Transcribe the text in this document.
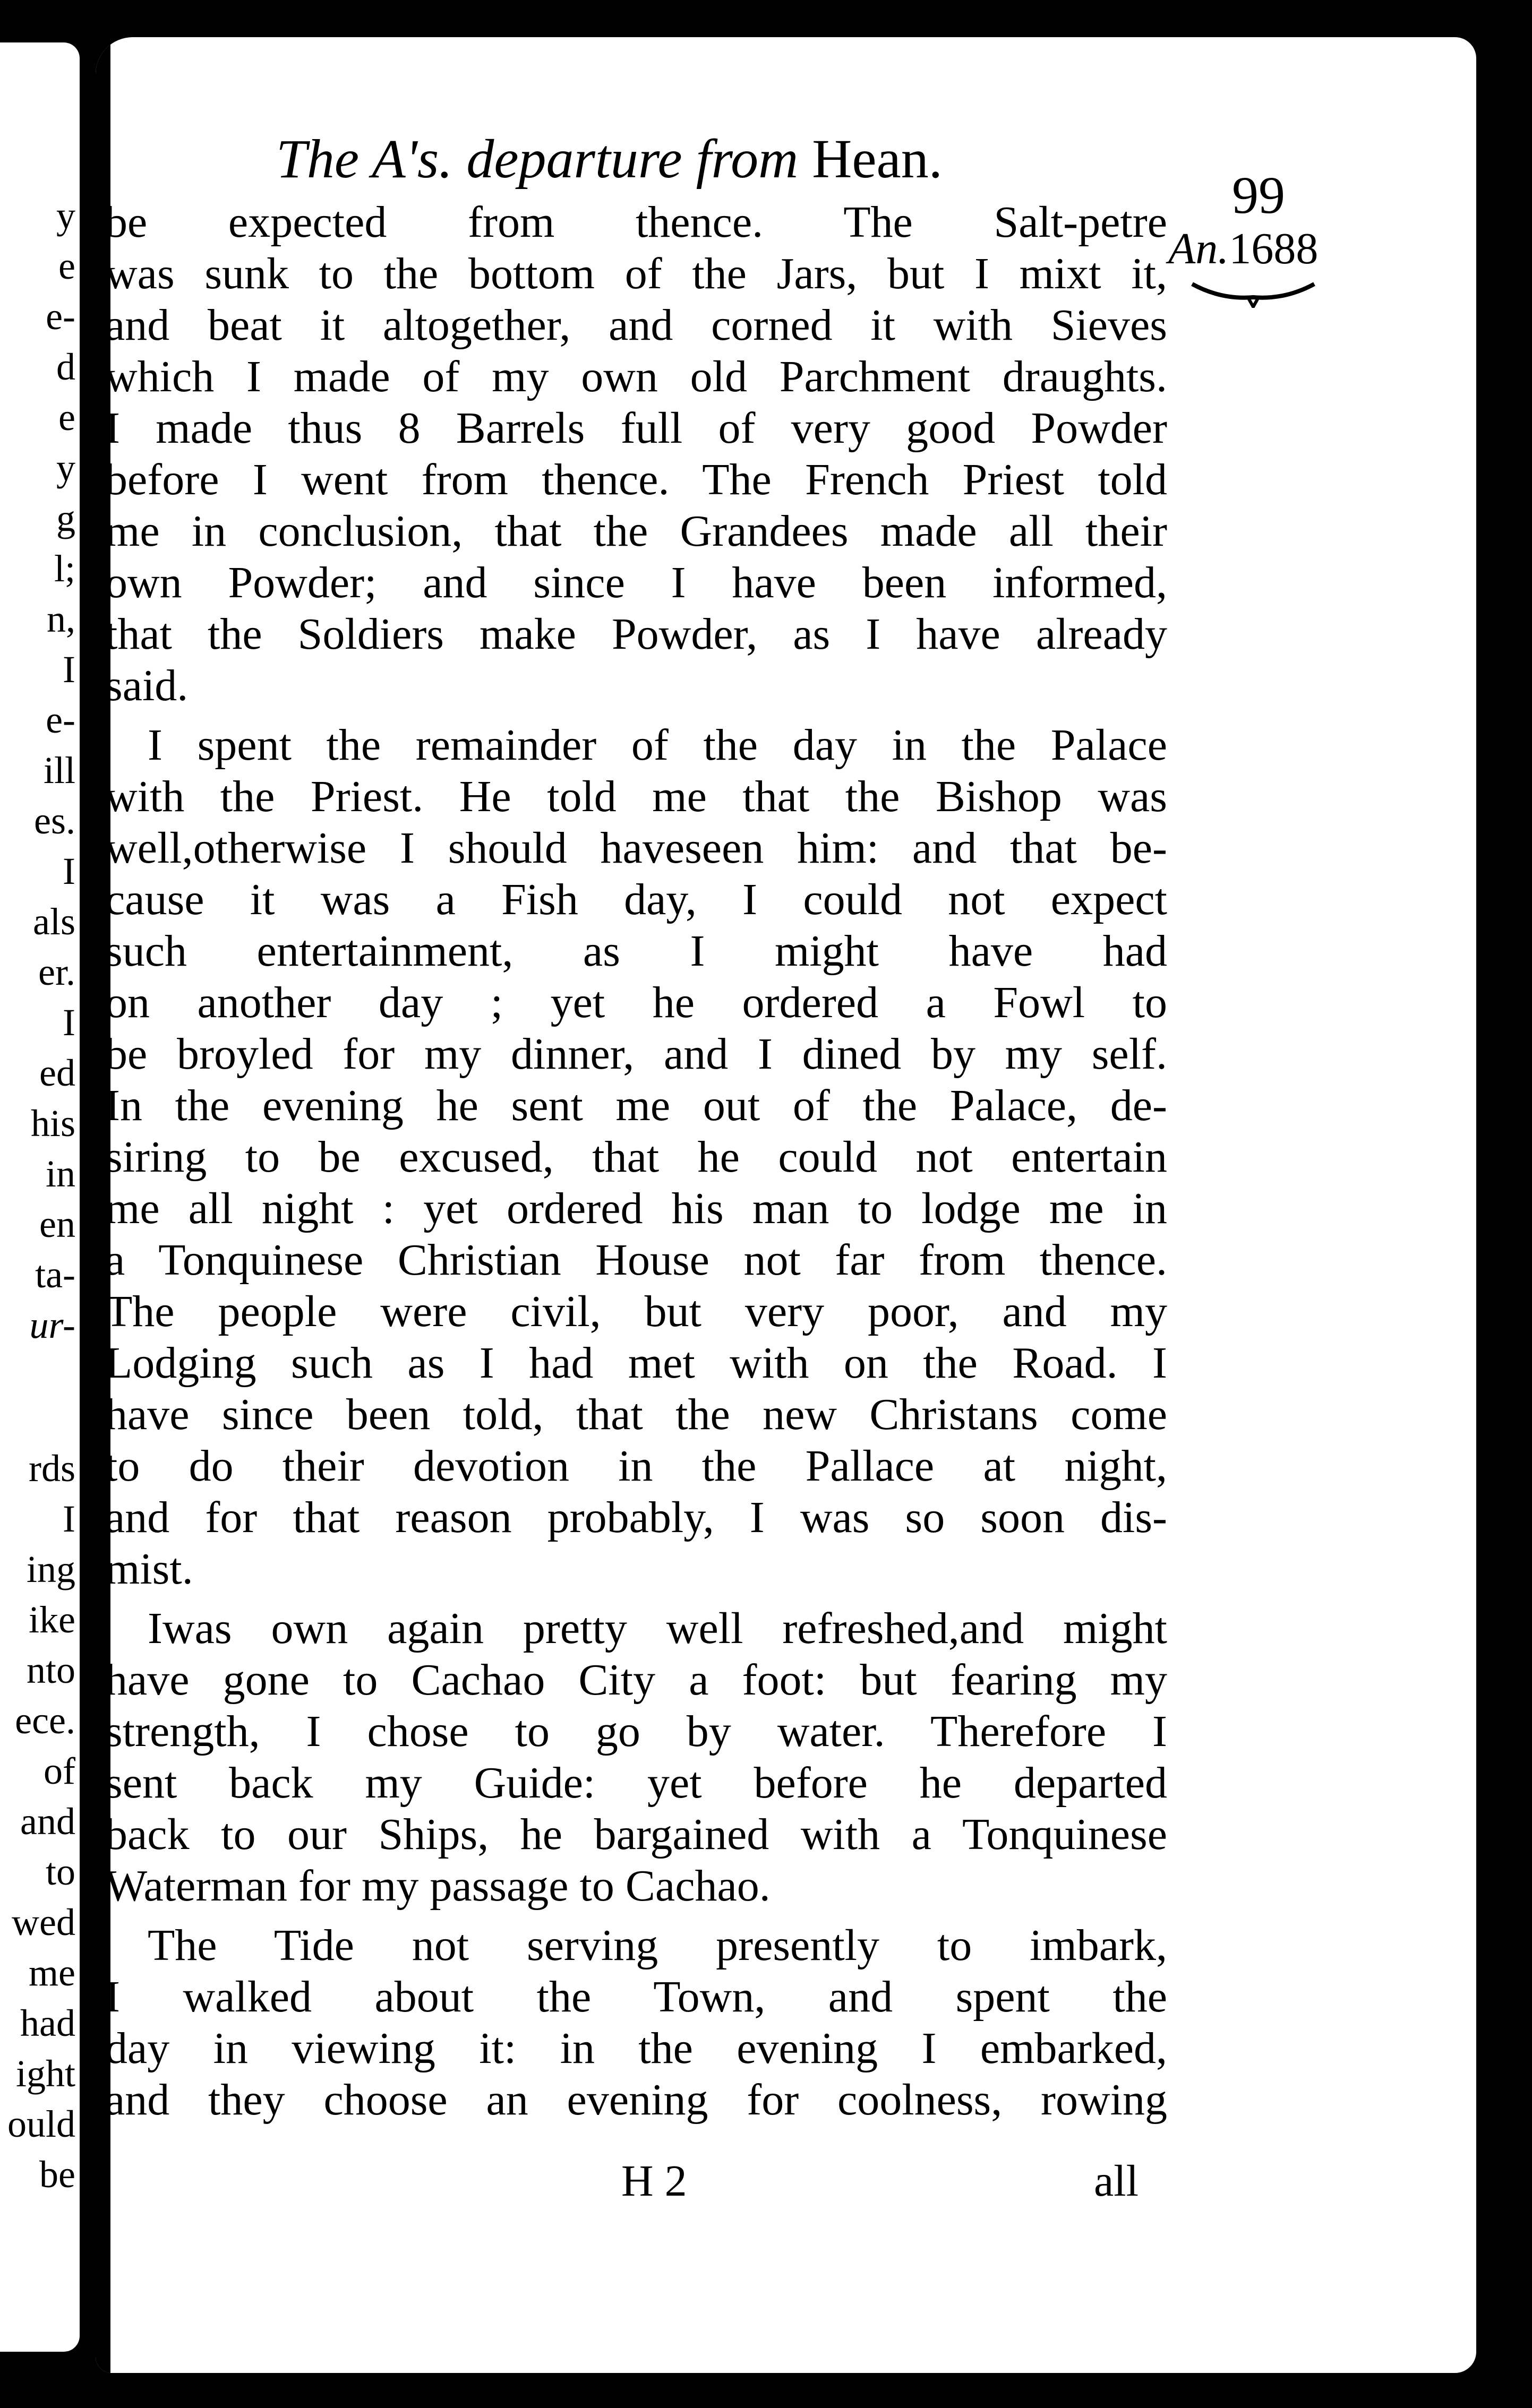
y
e
e-
d
e
y
g
l;
n,
I
e-
ill
es.
I
als
er.
I
ed
his
in
en
ta-
ur-
rds
I
ing
ike
nto
ece.
of
and
to
wed
me
had
ight
ould
be
The A's. departure from Hean.
99
An.1688
be expected from thence. The Salt-petre
was sunk to the bottom of the Jars, but I mixt it,
and beat it altogether, and corned it with Sieves
which I made of my own old Parchment draughts.
I made thus 8 Barrels full of very good Powder
before I went from thence. The French Priest told
me in conclusion, that the Grandees made all their
own Powder; and since I have been informed,
that the Soldiers make Powder, as I have already
said.
I spent the remainder of the day in the Palace
with the Priest. He told me that the Bishop was
well,otherwise I should haveseen him: and that be-
cause it was a Fish day, I could not expect
such entertainment, as I might have had
on another day ; yet he ordered a Fowl to
be broyled for my dinner, and I dined by my self.
In the evening he sent me out of the Palace, de-
siring to be excused, that he could not entertain
me all night : yet ordered his man to lodge me in
a Tonquinese Christian House not far from thence.
The people were civil, but very poor, and my
Lodging such as I had met with on the Road. I
have since been told, that the new Christans come
to do their devotion in the Pallace at night,
and for that reason probably, I was so soon dis-
mist.
Iwas own again pretty well refreshed,and might
have gone to Cachao City a foot: but fearing my
strength, I chose to go by water. Therefore I
sent back my Guide: yet before he departed
back to our Ships, he bargained with a Tonquinese
Waterman for my passage to Cachao.
The Tide not serving presently to imbark,
I walked about the Town, and spent the
day in viewing it: in the evening I embarked,
and they choose an evening for coolness, rowing
H 2	all
